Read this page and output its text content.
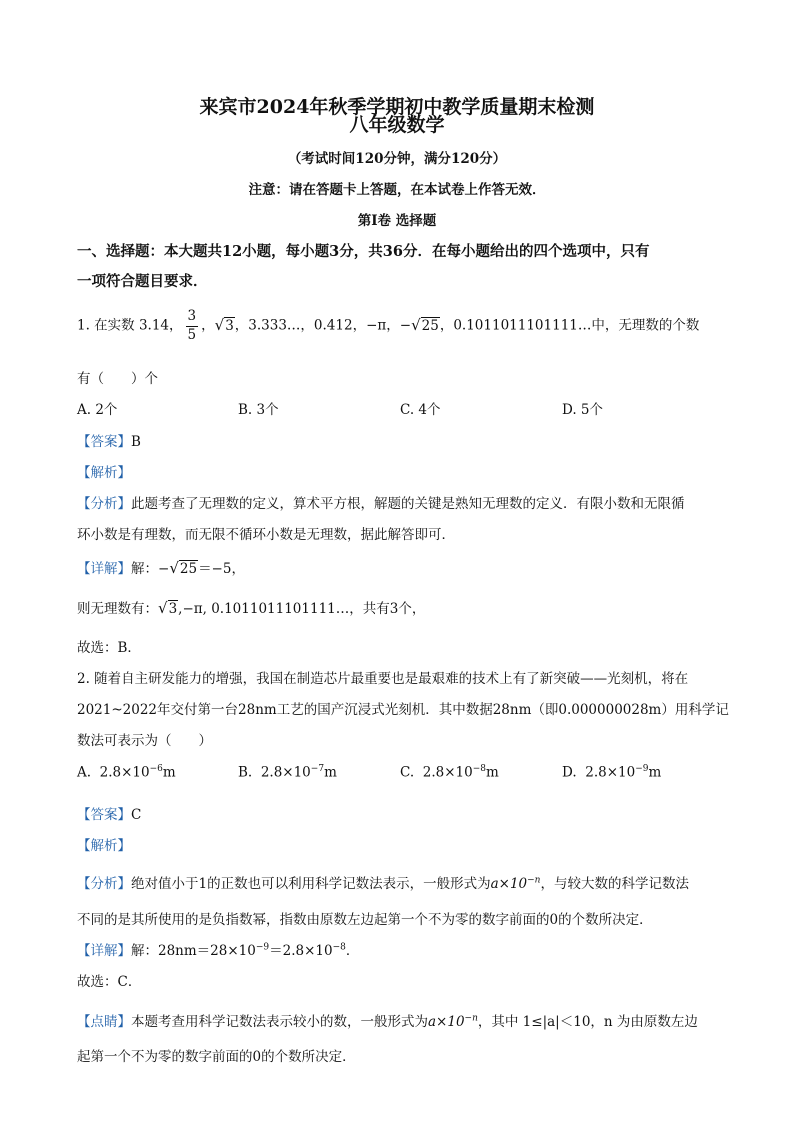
来宾市2024年秋季学期初中教学质量期末检测
八年级数学
（考试时间120分钟，满分120分）
注意：请在答题卡上答题，在本试卷上作答无效．
第Ⅰ卷 选择题
一、选择题：本大题共12小题，每小题3分，共36分．在每小题给出的四个选项中，只有
一项符合题目要求．
1. 在实数 3.14， $\frac{3}{5}$ ，√3，3.333…，0.412，−π，−√25，0.1011011101111…中，无理数的个数
有（　　）个
A. 2个	B. 3个	C. 4个	D. 5个
【答案】B
【解析】
【分析】此题考查了无理数的定义，算术平方根，解题的关键是熟知无理数的定义．有限小数和无限循
环小数是有理数，而无限不循环小数是无理数，据此解答即可．
【详解】解：−√25＝−5，
则无理数有：√3,−π, 0.1011011101111…，共有3个，
故选：B．
2. 随着自主研发能力的增强，我国在制造芯片最重要也是最艰难的技术上有了新突破——光刻机，将在
2021~2022年交付第一台28nm工艺的国产沉浸式光刻机．其中数据28nm（即0.000000028m）用科学记
数法可表示为（　　）
A. $2.8\times 10^{-6}m$	B. $2.8\times 10^{-7}m$	C. $2.8\times 10^{-8}m$	D. $2.8\times 10^{-9}m$
【答案】C
【解析】
【分析】绝对值小于1的正数也可以利用科学记数法表示，一般形式为$a\times 10^{-n}$，与较大数的科学记数法
不同的是其所使用的是负指数幂，指数由原数左边起第一个不为零的数字前面的0的个数所决定．
【详解】解：$28nm=28\times 10^{-9}=2.8\times 10^{-8}$．
故选：C．
【点睛】本题考查用科学记数法表示较小的数，一般形式为$a\times 10^{-n}$，其中 1≤|a|＜10，n 为由原数左边
起第一个不为零的数字前面的0的个数所决定．
